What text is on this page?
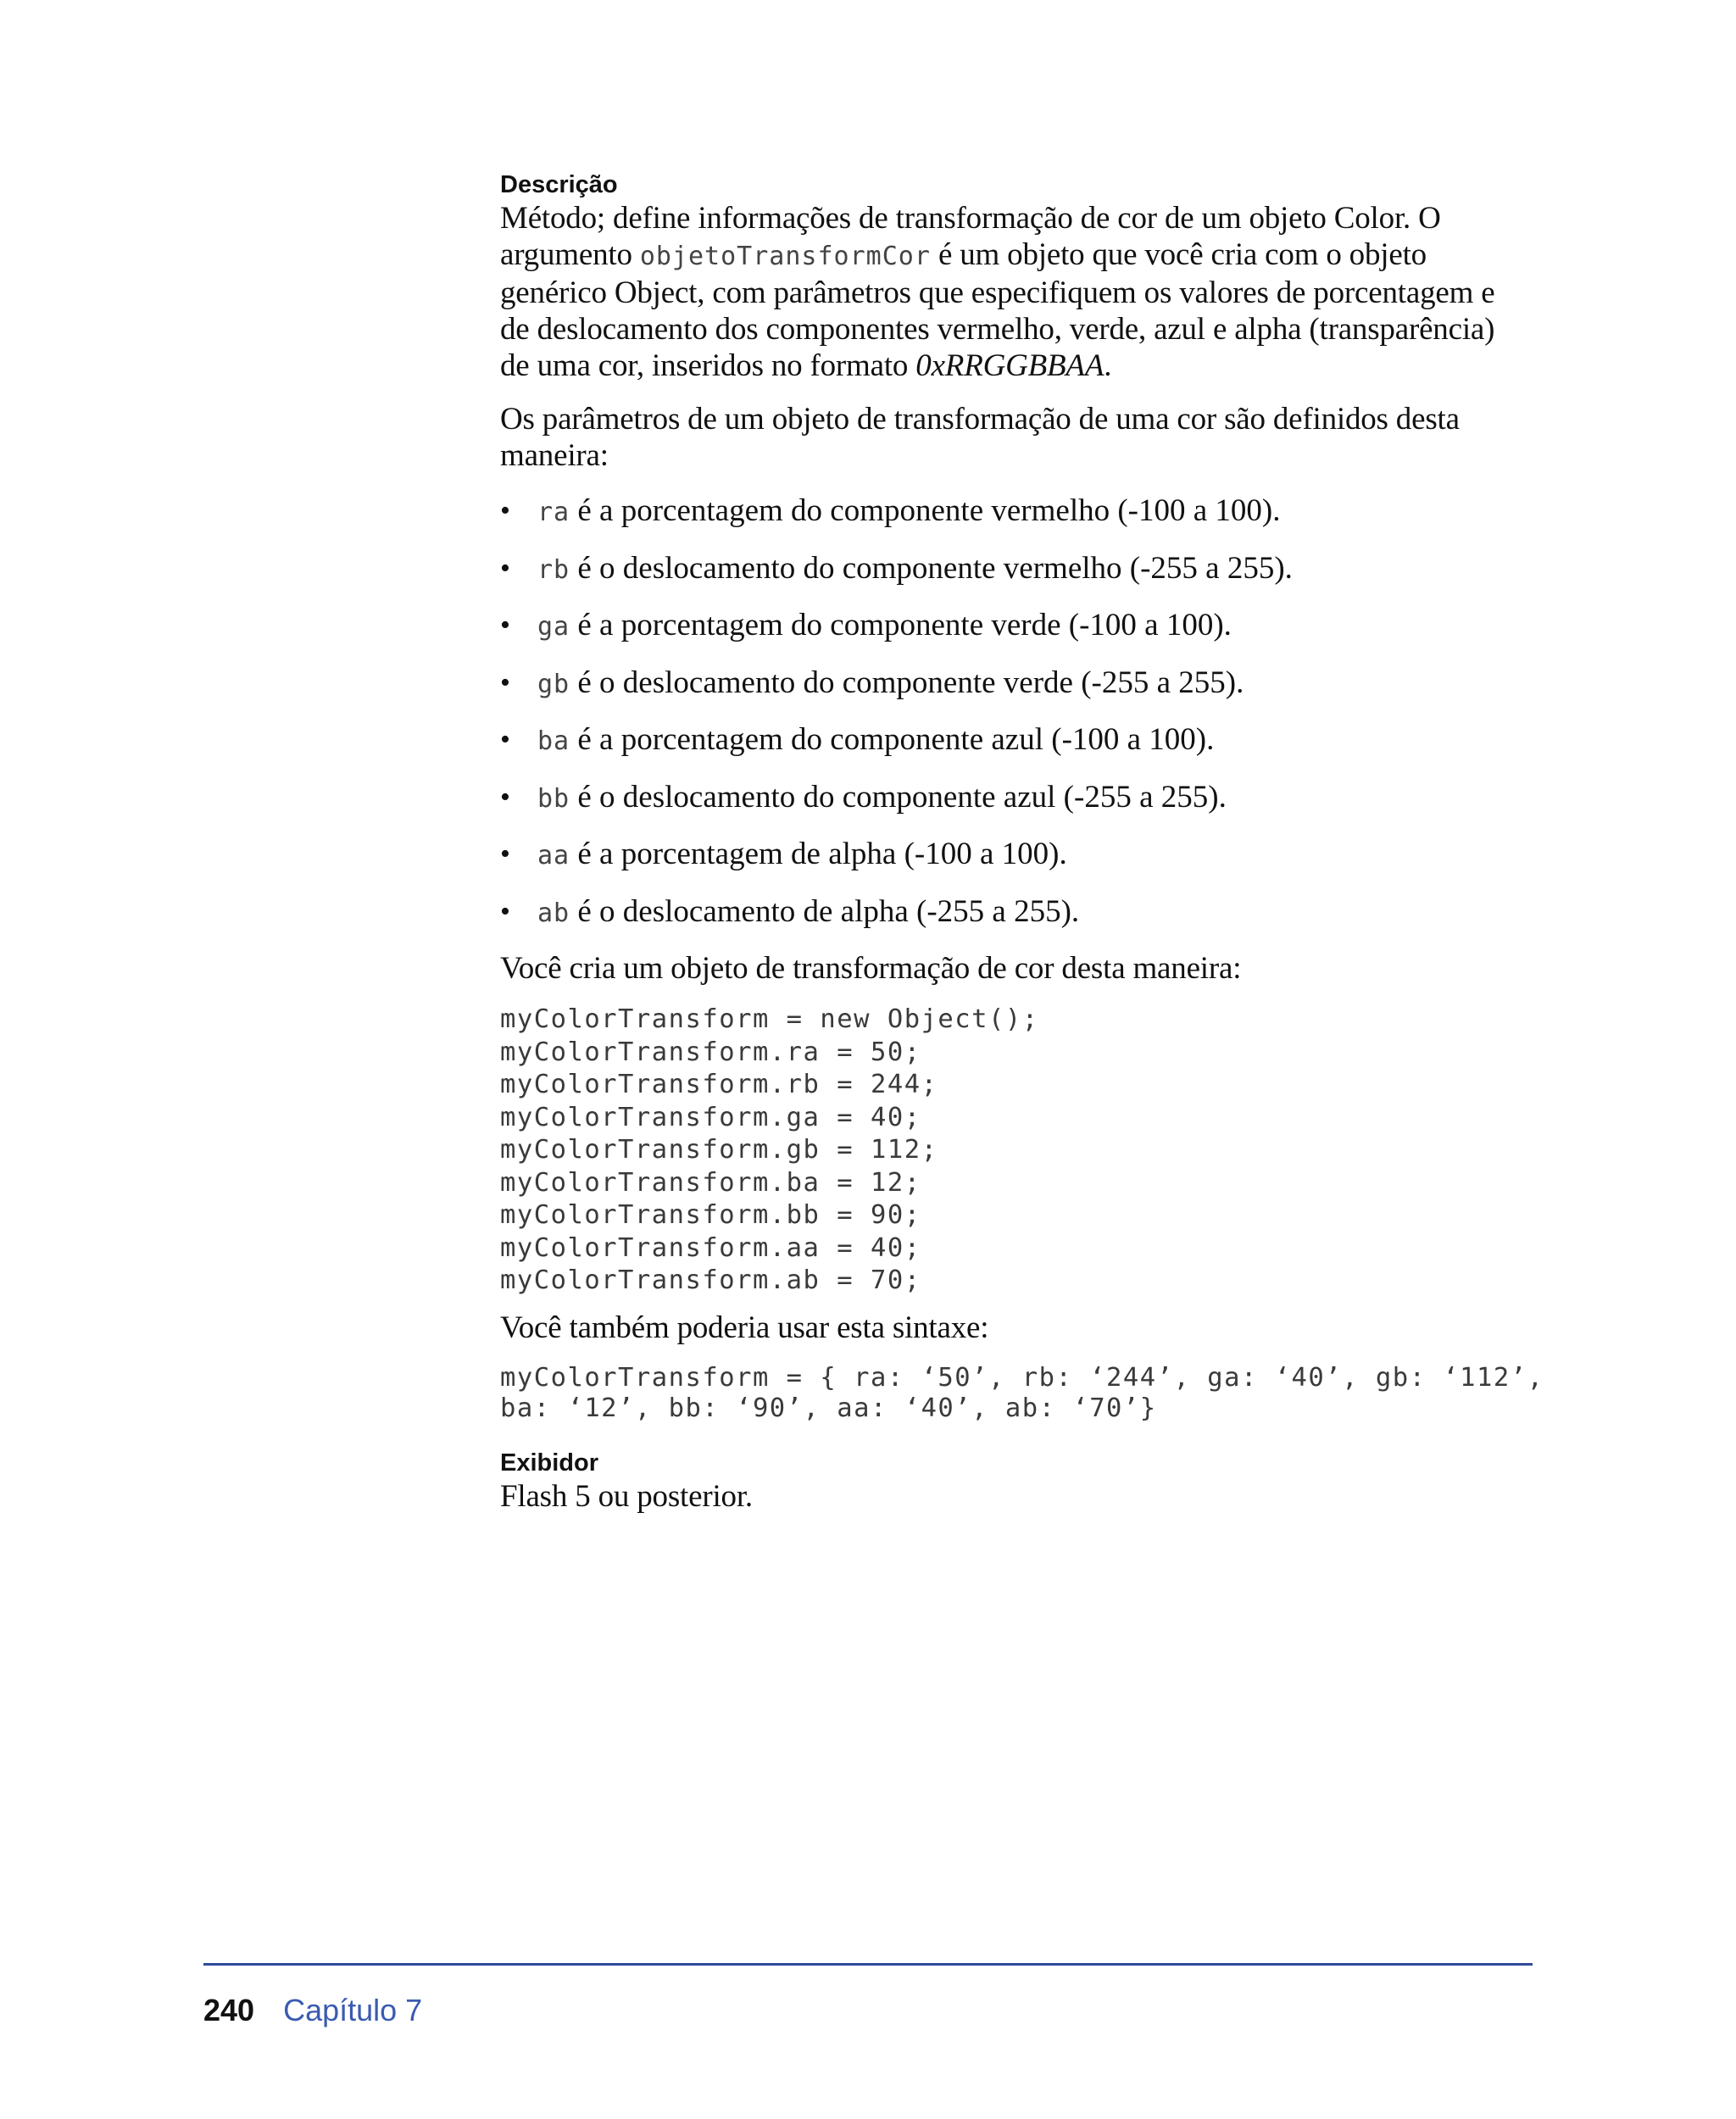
Descrição

Método; define informações de transformação de cor de um objeto Color. O argumento objetoTransformCor é um objeto que você cria com o objeto genérico Object, com parâmetros que especifiquem os valores de porcentagem e de deslocamento dos componentes vermelho, verde, azul e alpha (transparência) de uma cor, inseridos no formato 0xRRGGBBAA.

Os parâmetros de um objeto de transformação de uma cor são definidos desta maneira:

• ra é a porcentagem do componente vermelho (-100 a 100).
• rb é o deslocamento do componente vermelho (-255 a 255).
• ga é a porcentagem do componente verde (-100 a 100).
• gb é o deslocamento do componente verde (-255 a 255).
• ba é a porcentagem do componente azul (-100 a 100).
• bb é o deslocamento do componente azul (-255 a 255).
• aa é a porcentagem de alpha (-100 a 100).
• ab é o deslocamento de alpha (-255 a 255).

Você cria um objeto de transformação de cor desta maneira:

myColorTransform = new Object();
myColorTransform.ra = 50;
myColorTransform.rb = 244;
myColorTransform.ga = 40;
myColorTransform.gb = 112;
myColorTransform.ba = 12;
myColorTransform.bb = 90;
myColorTransform.aa = 40;
myColorTransform.ab = 70;

Você também poderia usar esta sintaxe:

myColorTransform = { ra: ‘50’, rb: ‘244’, ga: ‘40’, gb: ‘112’,
ba: ‘12’, bb: ‘90’, aa: ‘40’, ab: ‘70’}
Exibidor

Flash 5 ou posterior.

240 Capítulo 7
